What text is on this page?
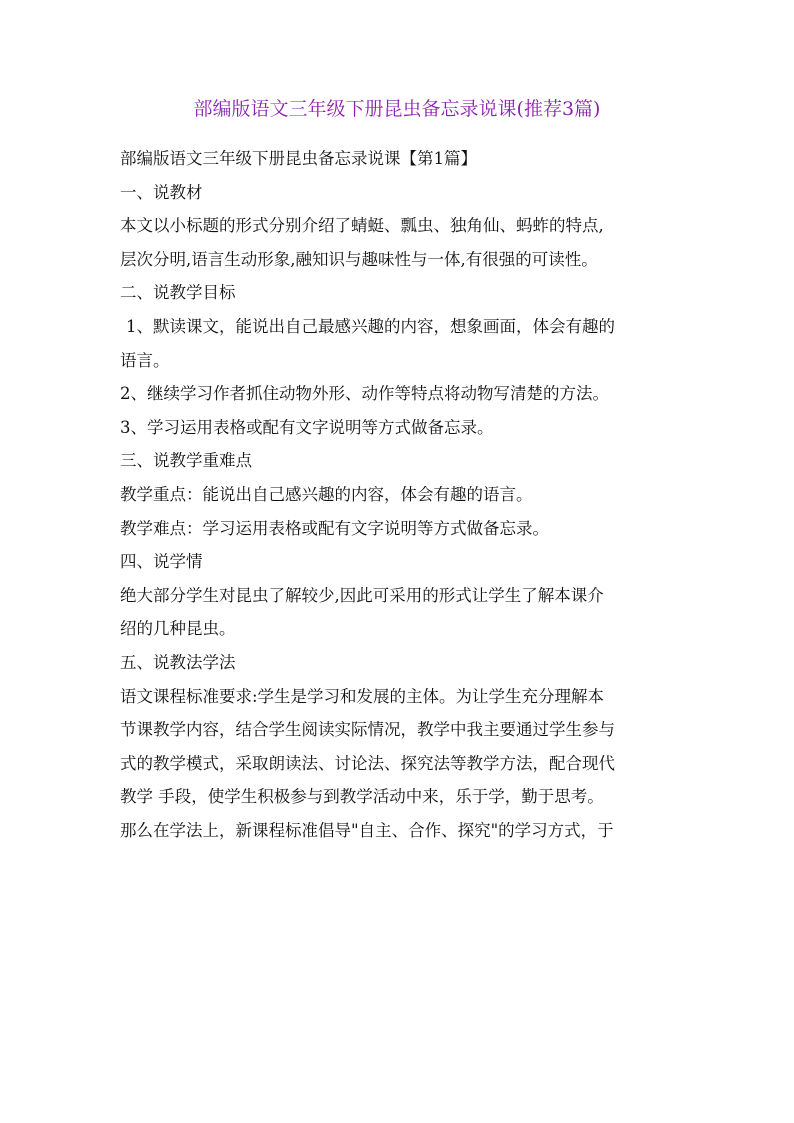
部编版语文三年级下册昆虫备忘录说课(推荐3篇)
部编版语文三年级下册昆虫备忘录说课【第1篇】
一、说教材
本文以小标题的形式分别介绍了蜻蜓、瓢虫、独角仙、蚂蚱的特点,
层次分明,语言生动形象,融知识与趣味性与一体,有很强的可读性。
二、说教学目标
1、默读课文，能说出自己最感兴趣的内容，想象画面，体会有趣的
语言。
2、继续学习作者抓住动物外形、动作等特点将动物写清楚的方法。
3、学习运用表格或配有文字说明等方式做备忘录。
三、说教学重难点
教学重点：能说出自己感兴趣的内容，体会有趣的语言。
教学难点：学习运用表格或配有文字说明等方式做备忘录。
四、说学情
绝大部分学生对昆虫了解较少,因此可采用的形式让学生了解本课介
绍的几种昆虫。
五、说教法学法
语文课程标准要求:学生是学习和发展的主体。为让学生充分理解本
节课教学内容，结合学生阅读实际情况，教学中我主要通过学生参与
式的教学模式，采取朗读法、讨论法、探究法等教学方法，配合现代
教学 手段，使学生积极参与到教学活动中来，乐于学，勤于思考。
那么在学法上，新课程标准倡导"自主、合作、探究"的学习方式，于
